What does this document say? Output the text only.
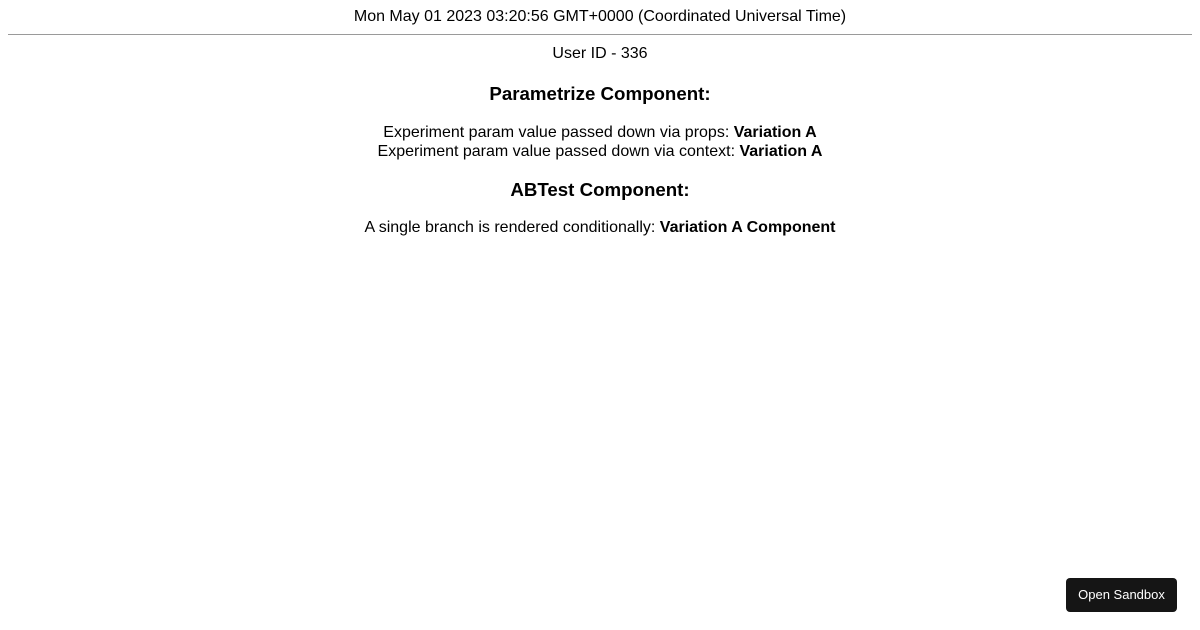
Mon May 01 2023 03:20:56 GMT+0000 (Coordinated Universal Time)
User ID - 336
Parametrize Component:
Experiment param value passed down via props: Variation A
Experiment param value passed down via context: Variation A
ABTest Component:
A single branch is rendered conditionally: Variation A Component
Open Sandbox
